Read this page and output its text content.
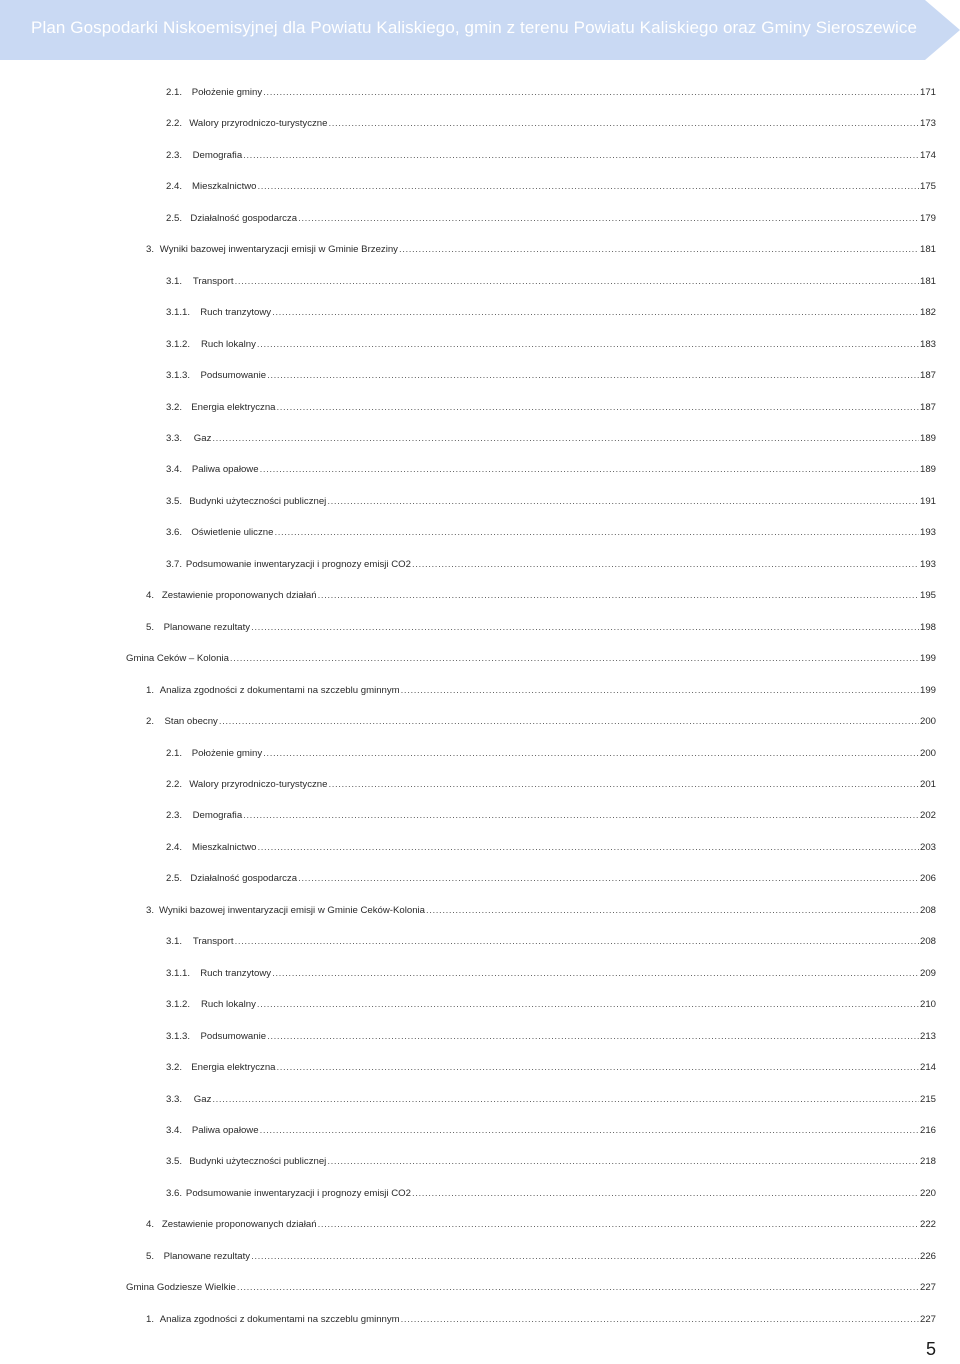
Plan Gospodarki Niskoemisyjnej dla Powiatu Kaliskiego, gmin z terenu Powiatu Kaliskiego oraz Gminy Sieroszewice
2.1.	Położenie gminy .....	171
2.2. Walory przyrodniczo-turystyczne .....	173
2.3.	Demografia .....	174
2.4.	Mieszkalnictwo .....	175
2.5. Działalność gospodarcza .....	179
3. Wyniki bazowej inwentaryzacji emisji w Gminie Brzeziny .....	181
3.1.	Transport .....	181
3.1.1.	Ruch tranzytowy .....	182
3.1.2.	Ruch lokalny .....	183
3.1.3.	Podsumowanie .....	187
3.2. Energia elektryczna .....	187
3.3.	Gaz .....	189
3.4.	Paliwa opałowe .....	189
3.5. Budynki użyteczności publicznej .....	191
3.6. Oświetlenie uliczne .....	193
3.7. Podsumowanie inwentaryzacji i prognozy emisji CO2 .....	193
4. Zestawienie proponowanych działań .....	195
5.	Planowane rezultaty .....	198
Gmina Ceków – Kolonia .....	199
1. Analiza zgodności z dokumentami na szczeblu gminnym .....	199
2.	Stan obecny .....	200
2.1.	Położenie gminy .....	200
2.2. Walory przyrodniczo-turystyczne .....	201
2.3.	Demografia .....	202
2.4.	Mieszkalnictwo .....	203
2.5. Działalność gospodarcza .....	206
3. Wyniki bazowej inwentaryzacji emisji w Gminie Ceków-Kolonia .....	208
3.1.	Transport .....	208
3.1.1.	Ruch tranzytowy .....	209
3.1.2.	Ruch lokalny .....	210
3.1.3.	Podsumowanie .....	213
3.2. Energia elektryczna .....	214
3.3.	Gaz .....	215
3.4.	Paliwa opałowe .....	216
3.5. Budynki użyteczności publicznej .....	218
3.6. Podsumowanie inwentaryzacji i prognozy emisji CO2 .....	220
4. Zestawienie proponowanych działań .....	222
5.	Planowane rezultaty .....	226
Gmina Godziesze Wielkie .....	227
1. Analiza zgodności z dokumentami na szczeblu gminnym .....	227
5
